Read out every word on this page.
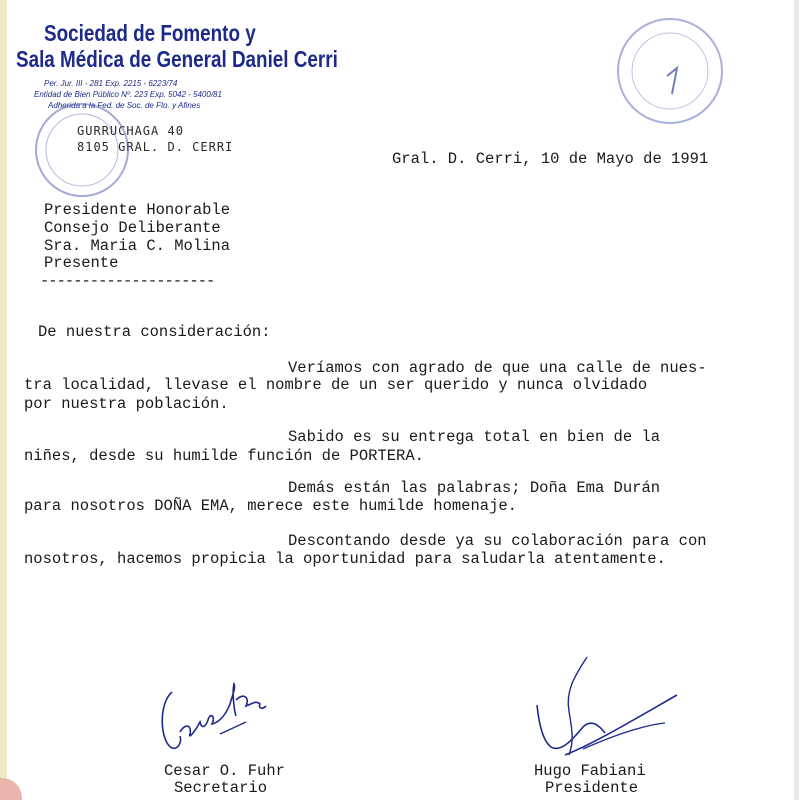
Sociedad de Fomento y
Sala Médica de General Daniel Cerri
Per. Jur. III - 281 Exp. 2215 - 6223/74
Entidad de Bien Público Nº. 223 Exp. 5042 - 5400/81
Adherida a la Fed. de Soc. de Fto. y Afines
GURRUCHAGA 40
8105 GRAL. D. CERRI
Gral. D. Cerri, 10 de Mayo de 1991
Presidente Honorable
Consejo Deliberante
Sra. Maria C. Molina
Presente
---------------------
De nuestra consideración:
Veríamos con agrado de que una calle de nues-
tra localidad, llevase el nombre de un ser querido y nunca olvidado
por nuestra población.
Sabido es su entrega total en bien de la
niñes, desde su humilde función de PORTERA.
Demás están las palabras; Doña Ema Durán
para nosotros DOÑA EMA, merece este humilde homenaje.
Descontando desde ya su colaboración para con
nosotros, hacemos propicia la oportunidad para saludarla atentamente.
Cesar O. Fuhr
Secretario
Hugo Fabiani
Presidente
